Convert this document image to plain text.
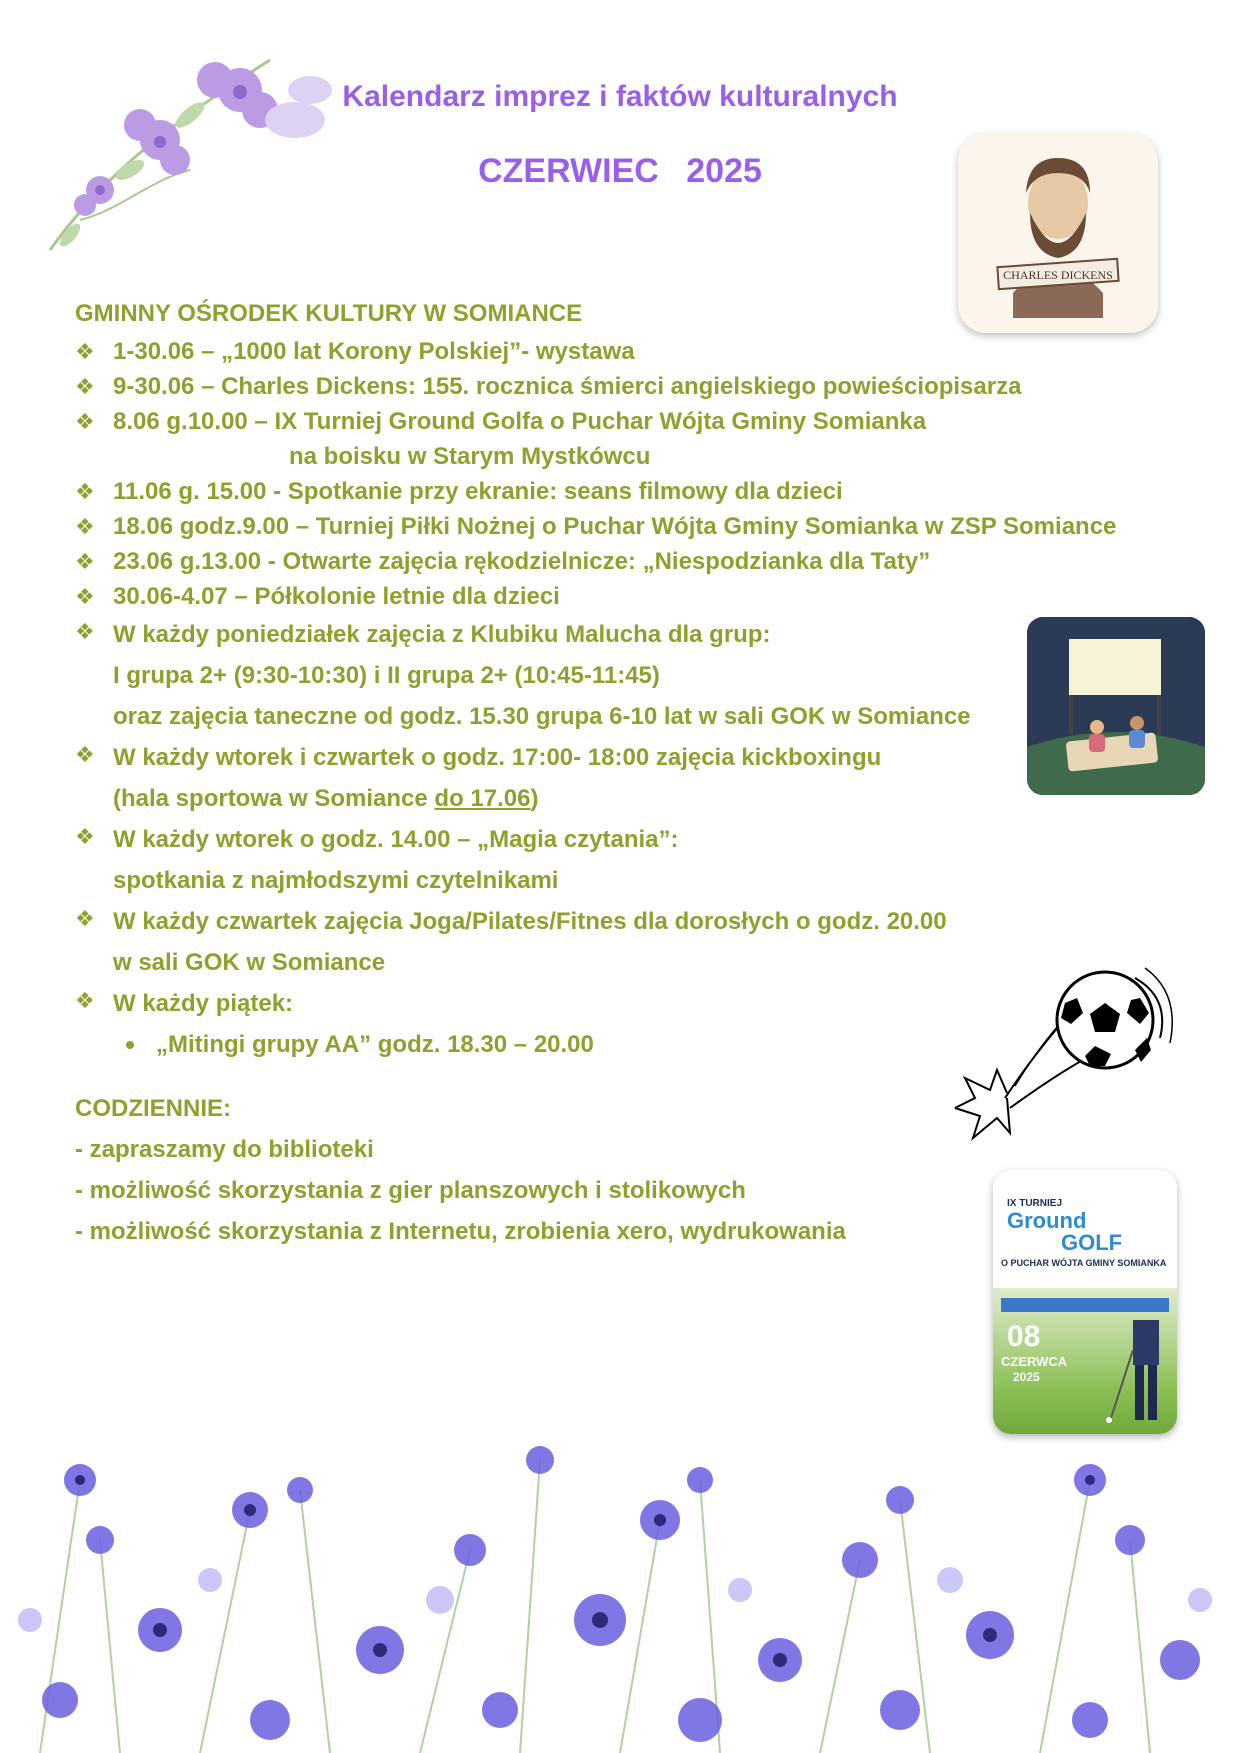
Kalendarz imprez i faktów kulturalnych
CZERWIEC 2025
CHARLES DICKENS
GMINNY OŚRODEK KULTURY W SOMIANCE
❖ 1-30.06 – „1000 lat Korony Polskiej”- wystawa
❖ 9-30.06 – Charles Dickens: 155. rocznica śmierci angielskiego powieściopisarza
❖ 8.06 g.10.00 – IX Turniej Ground Golfa o Puchar Wójta Gminy Somianka
na boisku w Starym Mystkówcu
❖ 11.06 g. 15.00 - Spotkanie przy ekranie: seans filmowy dla dzieci
❖ 18.06 godz.9.00 – Turniej Piłki Nożnej o Puchar Wójta Gminy Somianka w ZSP Somiance
❖ 23.06 g.13.00 - Otwarte zajęcia rękodzielnicze: „Niespodzianka dla Taty”
❖ 30.06-4.07 – Półkolonie letnie dla dzieci
❖ W każdy poniedziałek zajęcia z Klubiku Malucha dla grup:
I grupa 2+ (9:30-10:30) i II grupa 2+ (10:45-11:45)
oraz zajęcia taneczne od godz. 15.30 grupa 6-10 lat w sali GOK w Somiance
❖ W każdy wtorek i czwartek o godz. 17:00- 18:00 zajęcia kickboxingu
(hala sportowa w Somiance do 17.06)
❖ W każdy wtorek o godz. 14.00 – „Magia czytania”:
spotkania z najmłodszymi czytelnikami
❖ W każdy czwartek zajęcia Joga/Pilates/Fitnes dla dorosłych o godz. 20.00
w sali GOK w Somiance
❖ W każdy piątek:
„Mitingi grupy AA” godz. 18.30 – 20.00
CODZIENNIE:
- zapraszamy do biblioteki
- możliwość skorzystania z gier planszowych i stolikowych
- możliwość skorzystania z Internetu, zrobienia xero, wydrukowania
IX TURNIEJ
Ground
GOLF
O PUCHAR WÓJTA GMINY SOMIANKA
08
CZERWCA
2025
